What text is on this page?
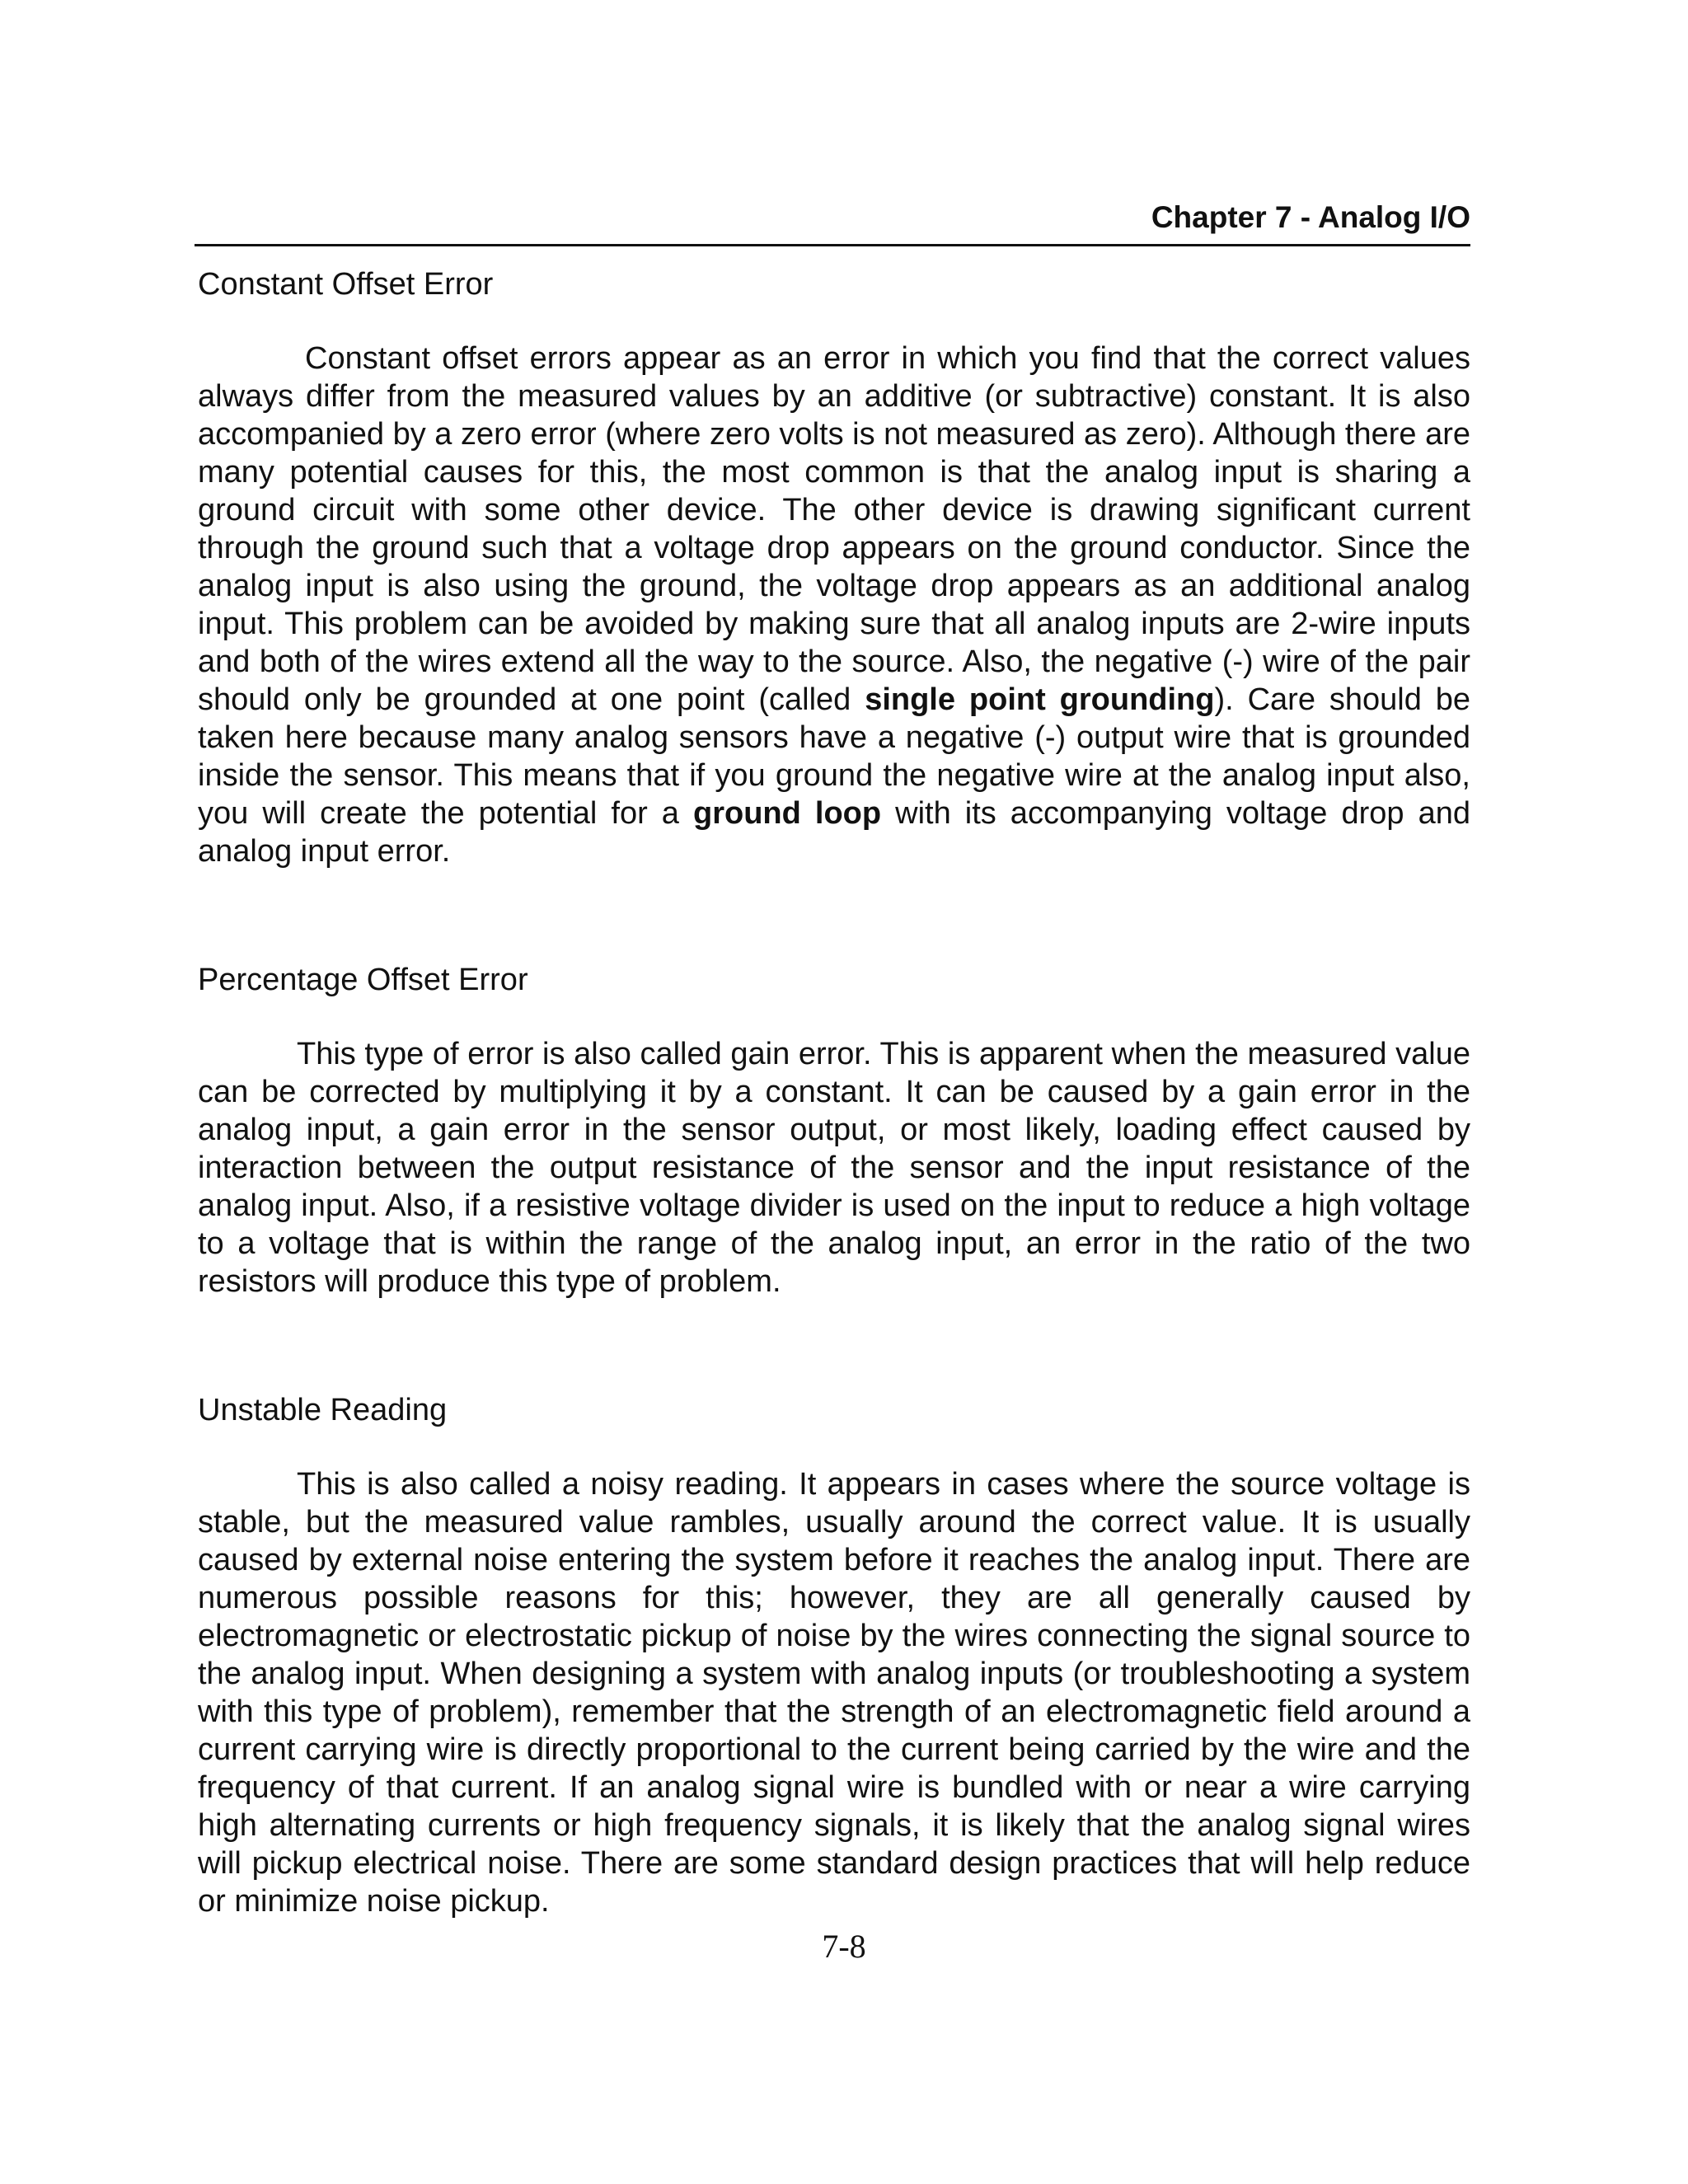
Chapter 7 - Analog I/O
Constant Offset Error

Constant offset errors appear as an error in which you find that the correct values always differ from the measured values by an additive (or subtractive) constant. It is also accompanied by a zero error (where zero volts is not measured as zero). Although there are many potential causes for this, the most common is that the analog input is sharing a ground circuit with some other device. The other device is drawing significant current through the ground such that a voltage drop appears on the ground conductor. Since the analog input is also using the ground, the voltage drop appears as an additional analog input. This problem can be avoided by making sure that all analog inputs are 2-wire inputs and both of the wires extend all the way to the source. Also, the negative (-) wire of the pair should only be grounded at one point (called single point grounding). Care should be taken here because many analog sensors have a negative (-) output wire that is grounded inside the sensor. This means that if you ground the negative wire at the analog input also, you will create the potential for a ground loop with its accompanying voltage drop and analog input error.

Percentage Offset Error

This type of error is also called gain error. This is apparent when the measured value can be corrected by multiplying it by a constant. It can be caused by a gain error in the analog input, a gain error in the sensor output, or most likely, loading effect caused by interaction between the output resistance of the sensor and the input resistance of the analog input. Also, if a resistive voltage divider is used on the input to reduce a high voltage to a voltage that is within the range of the analog input, an error in the ratio of the two resistors will produce this type of problem.

Unstable Reading

This is also called a noisy reading. It appears in cases where the source voltage is stable, but the measured value rambles, usually around the correct value. It is usually caused by external noise entering the system before it reaches the analog input. There are numerous possible reasons for this; however, they are all generally caused by electromagnetic or electrostatic pickup of noise by the wires connecting the signal source to the analog input. When designing a system with analog inputs (or troubleshooting a system with this type of problem), remember that the strength of an electromagnetic field around a current carrying wire is directly proportional to the current being carried by the wire and the frequency of that current. If an analog signal wire is bundled with or near a wire carrying high alternating currents or high frequency signals, it is likely that the analog signal wires will pickup electrical noise. There are some standard design practices that will help reduce or minimize noise pickup.

7-8
